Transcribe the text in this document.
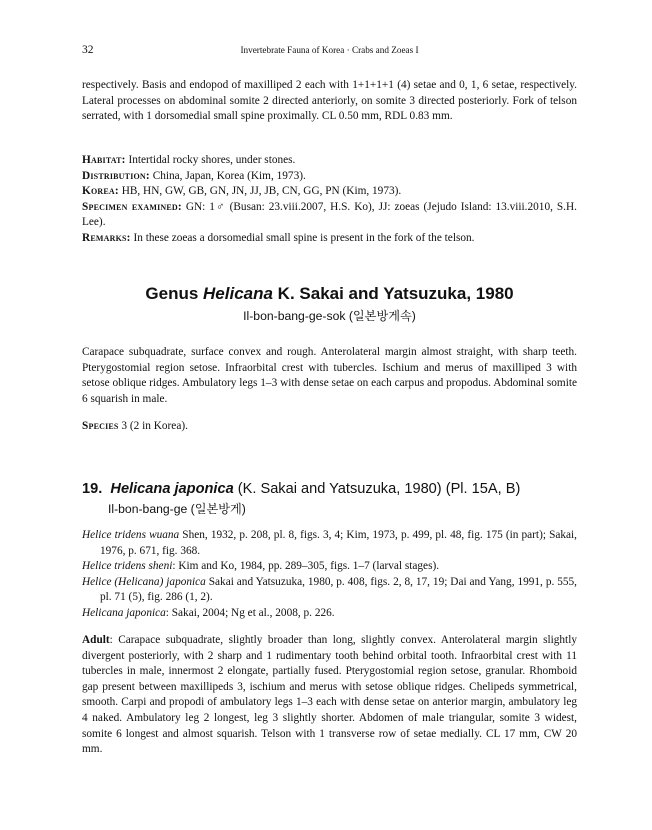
32	Invertebrate Fauna of Korea · Crabs and Zoeas I

respectively. Basis and endopod of maxilliped 2 each with 1+1+1+1 (4) setae and 0, 1, 6 setae, respectively. Lateral processes on abdominal somite 2 directed anteriorly, on somite 3 directed posteriorly. Fork of telson serrated, with 1 dorsomedial small spine proximally. CL 0.50 mm, RDL 0.83 mm.

Habitat: Intertidal rocky shores, under stones.

Distribution: China, Japan, Korea (Kim, 1973).

Korea: HB, HN, GW, GB, GN, JN, JJ, JB, CN, GG, PN (Kim, 1973).

Specimen examined: GN: 1♂ (Busan: 23.viii.2007, H.S. Ko), JJ: zoeas (Jejudo Island: 13.viii.2010, S.H. Lee).

Remarks: In these zoeas a dorsomedial small spine is present in the fork of the telson.

Genus Helicana K. Sakai and Yatsuzuka, 1980
Il-bon-bang-ge-sok (일본방게속)

Carapace subquadrate, surface convex and rough. Anterolateral margin almost straight, with sharp teeth. Pterygostomial region setose. Infraorbital crest with tubercles. Ischium and merus of maxilliped 3 with setose oblique ridges. Ambulatory legs 1–3 with dense setae on each carpus and propodus. Abdominal somite 6 squarish in male.

Species 3 (2 in Korea).
19. Helicana japonica (K. Sakai and Yatsuzuka, 1980) (Pl. 15A, B)
Il-bon-bang-ge (일본방게)

Helice tridens wuana Shen, 1932, p. 208, pl. 8, figs. 3, 4; Kim, 1973, p. 499, pl. 48, fig. 175 (in part); Sakai, 1976, p. 671, fig. 368.

Helice tridens sheni: Kim and Ko, 1984, pp. 289–305, figs. 1–7 (larval stages).

Helice (Helicana) japonica Sakai and Yatsuzuka, 1980, p. 408, figs. 2, 8, 17, 19; Dai and Yang, 1991, p. 555, pl. 71 (5), fig. 286 (1, 2).

Helicana japonica: Sakai, 2004; Ng et al., 2008, p. 226.

Adult: Carapace subquadrate, slightly broader than long, slightly convex. Anterolateral margin slightly divergent posteriorly, with 2 sharp and 1 rudimentary tooth behind orbital tooth. Infraorbital crest with 11 tubercles in male, innermost 2 elongate, partially fused. Pterygostomial region setose, granular. Rhomboid gap present between maxillipeds 3, ischium and merus with setose oblique ridges. Chelipeds symmetrical, smooth. Carpi and propodi of ambulatory legs 1–3 each with dense setae on anterior margin, ambulatory leg 4 naked. Ambulatory leg 2 longest, leg 3 slightly shorter. Abdomen of male triangular, somite 3 widest, somite 6 longest and almost squarish. Telson with 1 transverse row of setae medially. CL 17 mm, CW 20 mm.
